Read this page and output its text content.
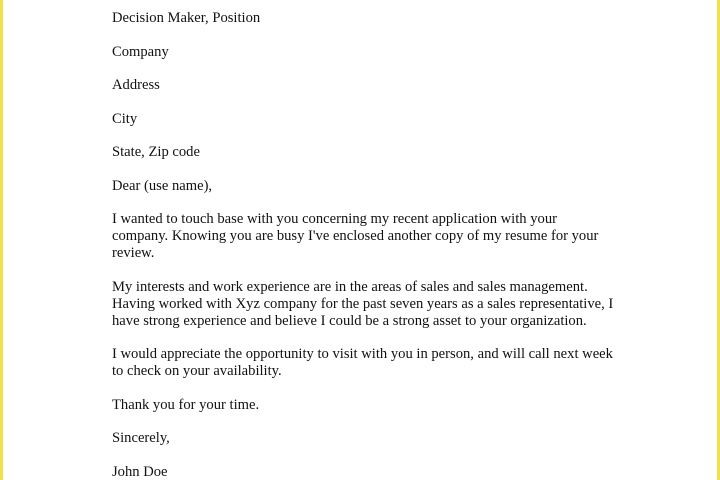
Decision Maker, Position

Company

Address

City

State, Zip code

Dear (use name),

I wanted to touch base with you concerning my recent application with your
company. Knowing you are busy I've enclosed another copy of my resume for your
review.

My interests and work experience are in the areas of sales and sales management.
Having worked with Xyz company for the past seven years as a sales representative, I
have strong experience and believe I could be a strong asset to your organization.

I would appreciate the opportunity to visit with you in person, and will call next week
to check on your availability.

Thank you for your time.

Sincerely,

John Doe
